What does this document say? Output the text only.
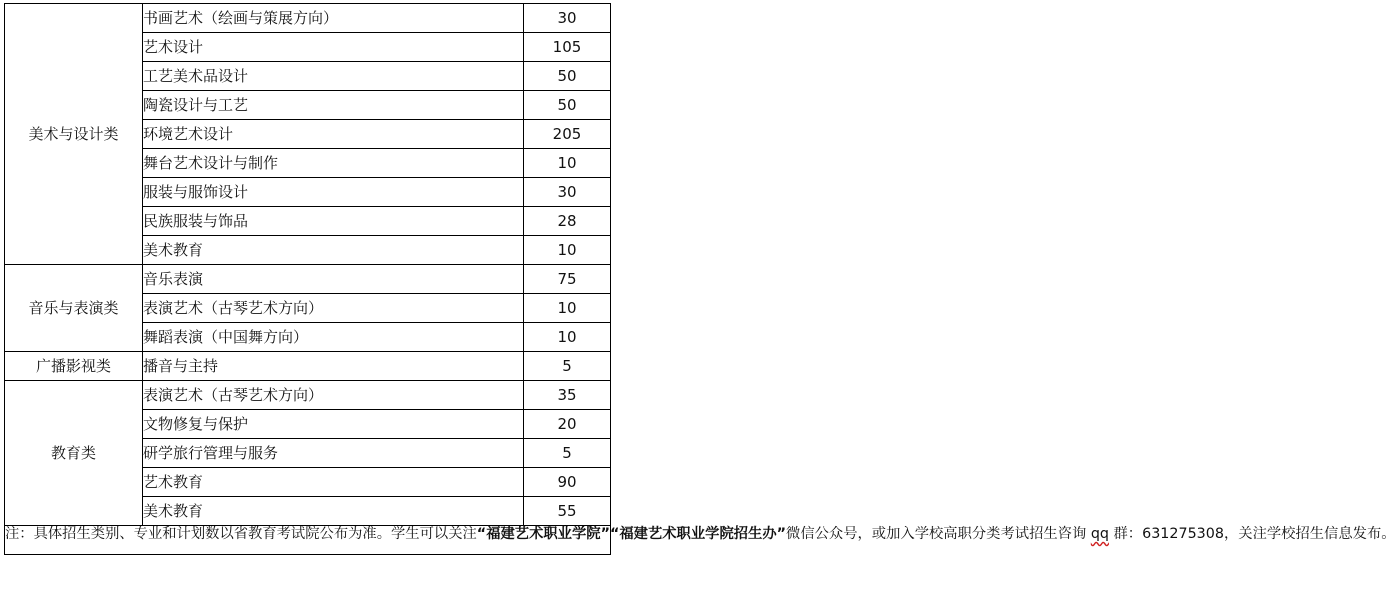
美术与设计类	书画艺术（绘画与策展方向）	30
	艺术设计	105
	工艺美术品设计	50
	陶瓷设计与工艺	50
	环境艺术设计	205
	舞台艺术设计与制作	10
	服装与服饰设计	30
	民族服装与饰品	28
	美术教育	10
音乐与表演类	音乐表演	75
	表演艺术（古琴艺术方向）	10
	舞蹈表演（中国舞方向）	10
广播影视类	播音与主持	5
教育类	表演艺术（古琴艺术方向）	35
	文物修复与保护	20
	研学旅行管理与服务	5
	艺术教育	90
	美术教育	55
注：具体招生类别、专业和计划数以省教育考试院公布为准。学生可以关注“福建艺术职业学院”“福建艺术职业学院招生办”微信公众号，或加入学校高职分类考试招生咨询 qq 群：631275308，关注学校招生信息发布。		
